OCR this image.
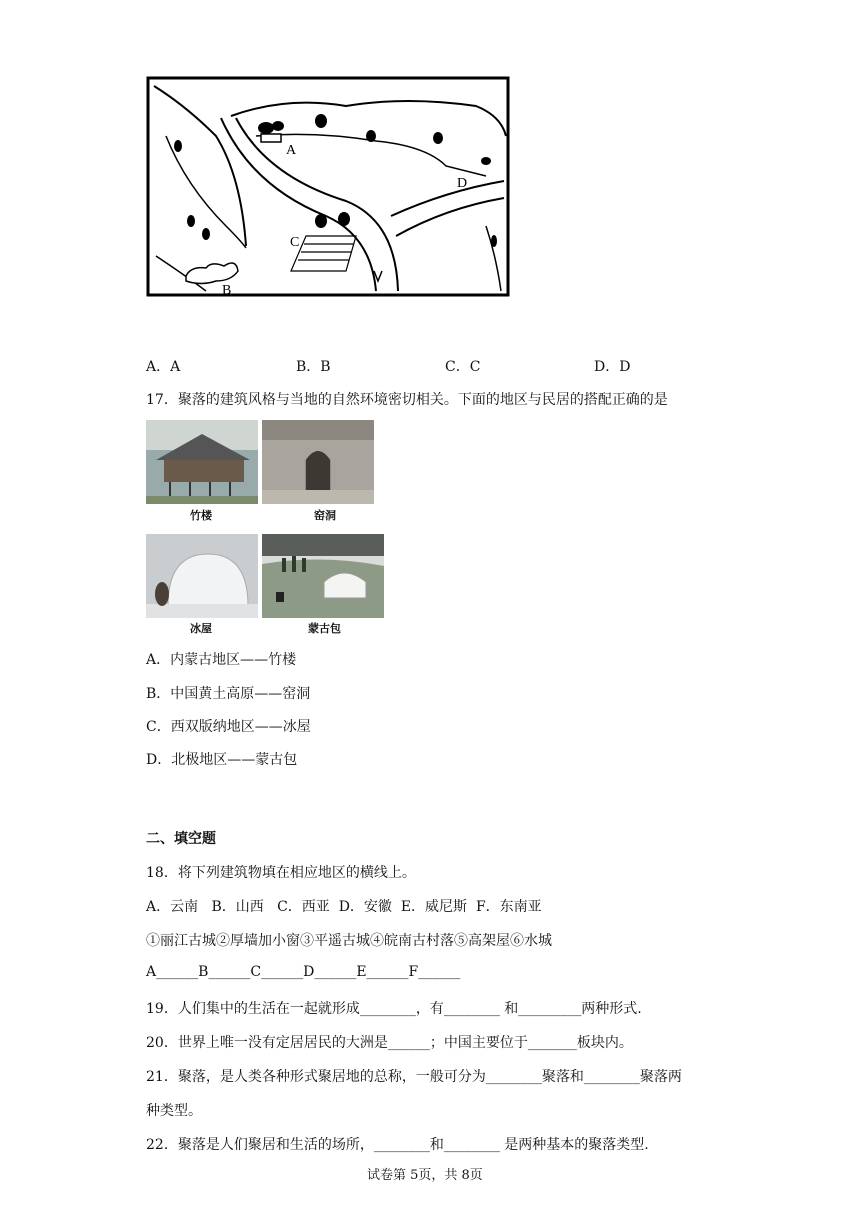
A
B
C
D
A．A	B．B	C．C	D．D
17．聚落的建筑风格与当地的自然环境密切相关。下面的地区与民居的搭配正确的是
竹楼	窑洞
冰屋	蒙古包
A．内蒙古地区——竹楼
B．中国黄土高原——窑洞
C．西双版纳地区——冰屋
D．北极地区——蒙古包
二、填空题
18．将下列建筑物填在相应地区的横线上。
A．云南   B．山西   C．西亚  D．安徽  E．威尼斯  F．东南亚
①丽江古城②厚墙加小窗③平遥古城④皖南古村落⑤高架屋⑥水城
A______B______C______D______E______F______
19．人们集中的生活在一起就形成________，有________ 和_________两种形式.
20．世界上唯一没有定居居民的大洲是______；中国主要位于_______板块内。
21．聚落，是人类各种形式聚居地的总称，一般可分为________聚落和________聚落两
种类型。
22．聚落是人们聚居和生活的场所，________和________ 是两种基本的聚落类型.
试卷第 5页，共 8页
